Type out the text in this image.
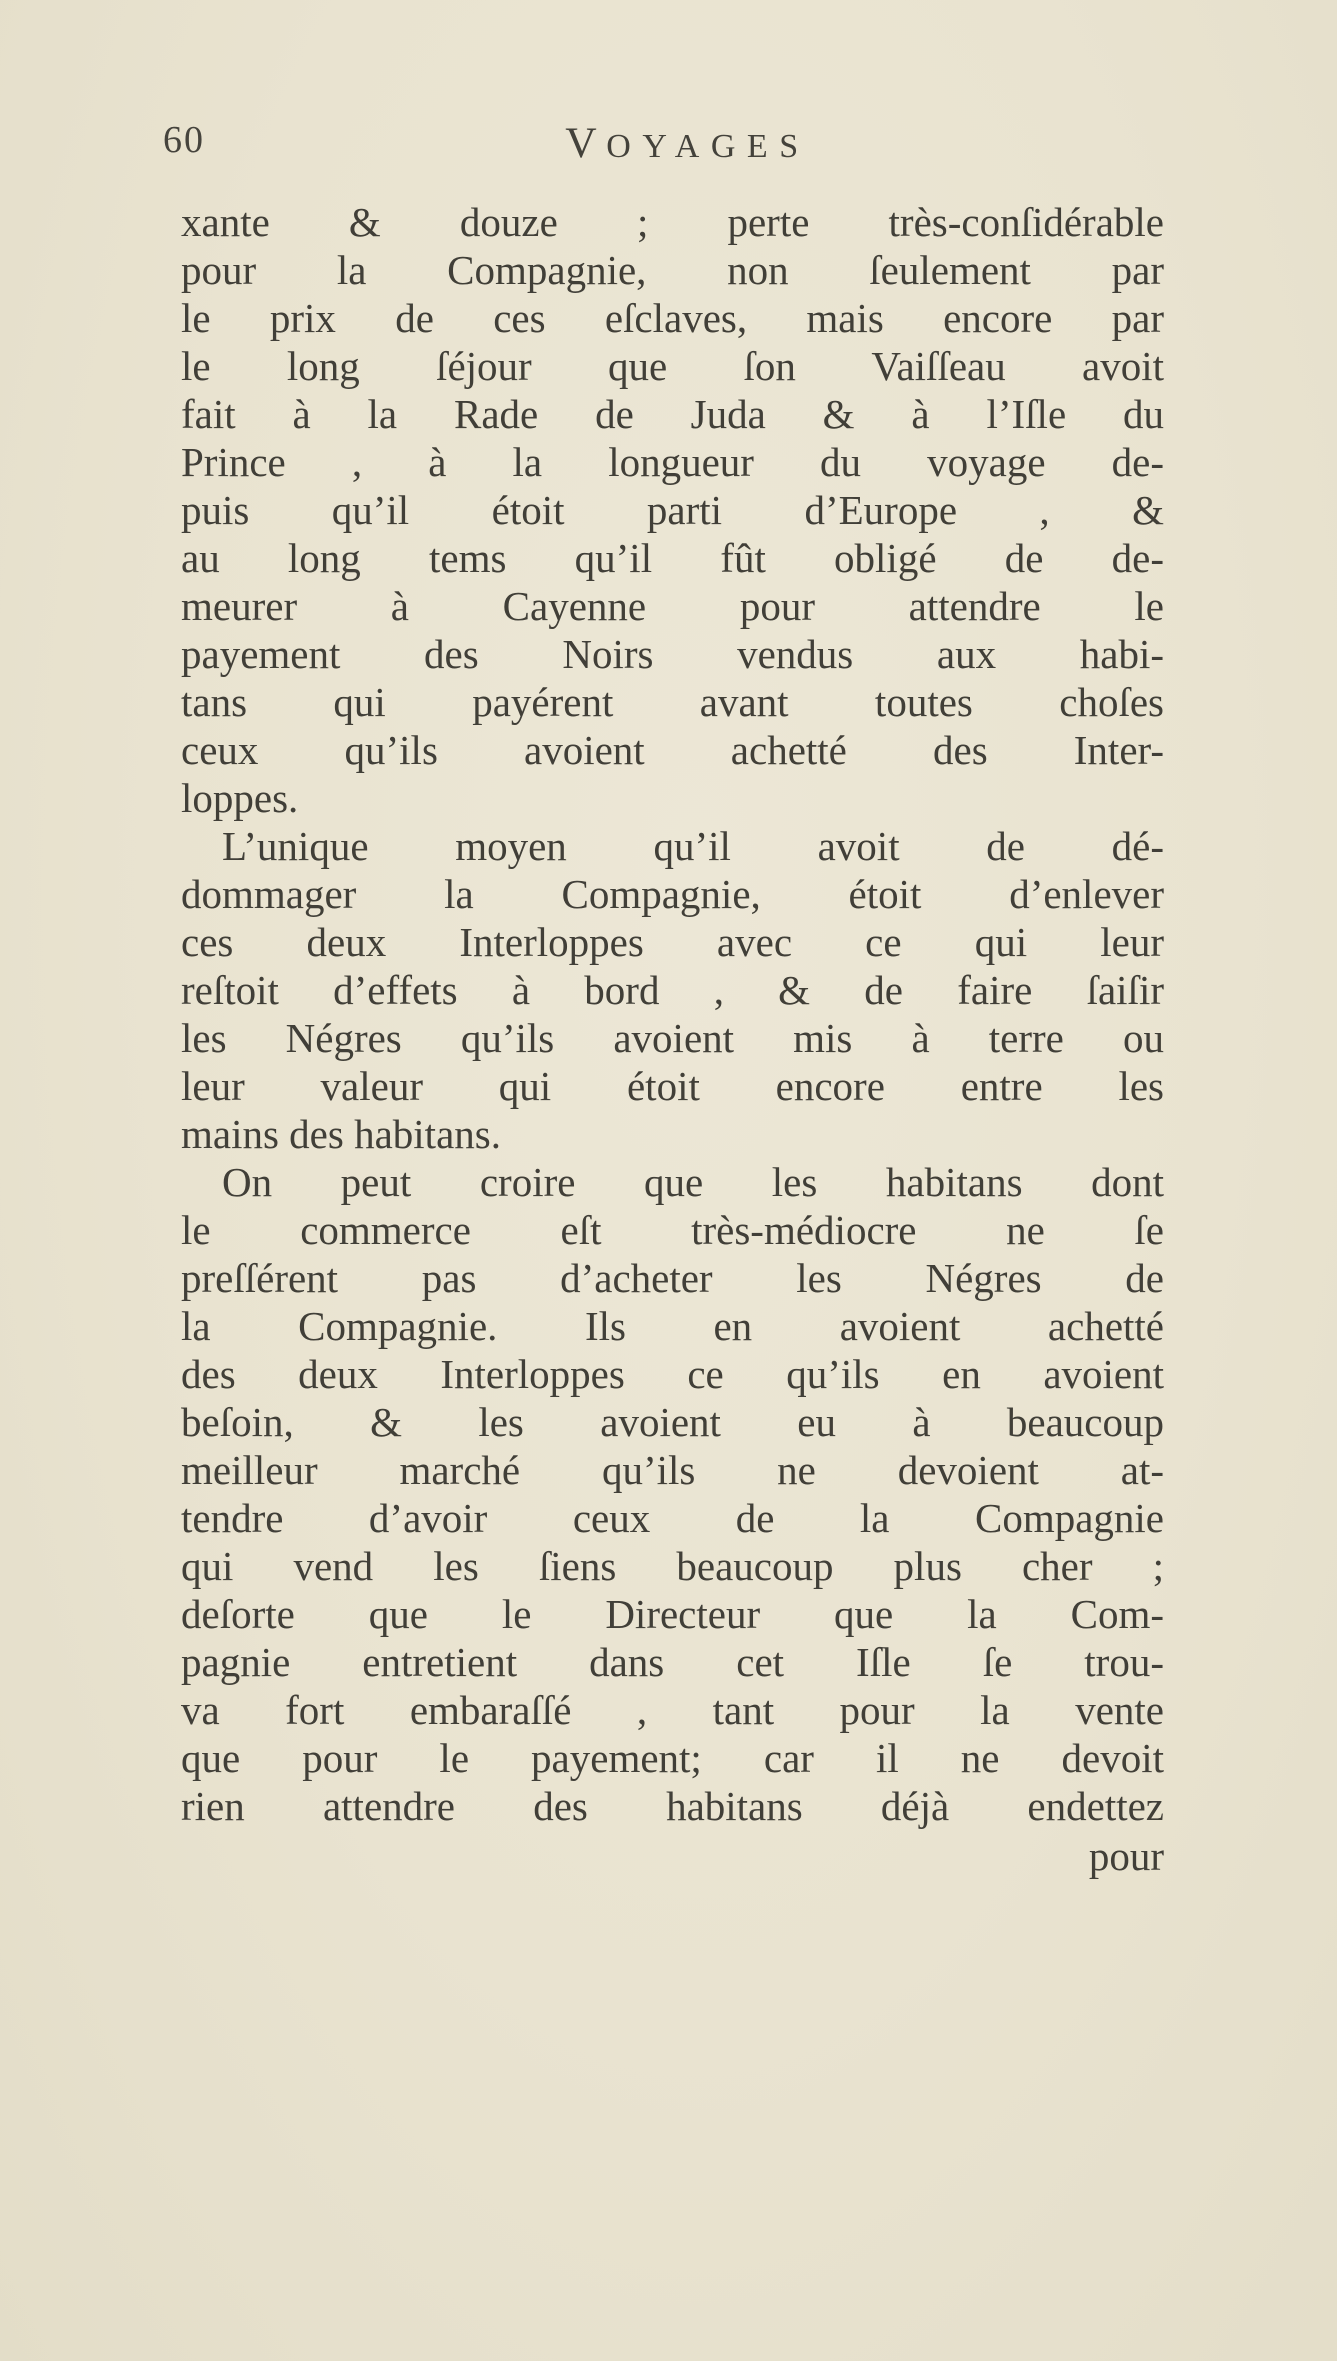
60	VOYAGES
xante & douze ; perte très-conſidérable
pour la Compagnie, non ſeulement par
le prix de ces eſclaves, mais encore par
le long ſéjour que ſon Vaiſſeau avoit
fait à la Rade de Juda & à l’Iſle du
Prince , à la longueur du voyage de-
puis qu’il étoit parti d’Europe , &
au long tems qu’il fût obligé de de-
meurer à Cayenne pour attendre le
payement des Noirs vendus aux habi-
tans qui payérent avant toutes choſes
ceux qu’ils avoient achetté des Inter-
loppes.
L’unique moyen qu’il avoit de dé-
dommager la Compagnie, étoit d’enlever
ces deux Interloppes avec ce qui leur
reſtoit d’effets à bord , & de faire ſaiſir
les Négres qu’ils avoient mis à terre ou
leur valeur qui étoit encore entre les
mains des habitans.
On peut croire que les habitans dont
le commerce eſt très-médiocre ne ſe
preſſérent pas d’acheter les Négres de
la Compagnie. Ils en avoient achetté
des deux Interloppes ce qu’ils en avoient
beſoin, & les avoient eu à beaucoup
meilleur marché qu’ils ne devoient at-
tendre d’avoir ceux de la Compagnie
qui vend les ſiens beaucoup plus cher ;
deſorte que le Directeur que la Com-
pagnie entretient dans cet Iſle ſe trou-
va fort embaraſſé , tant pour la vente
que pour le payement; car il ne devoit
rien attendre des habitans déjà endettez
pour
